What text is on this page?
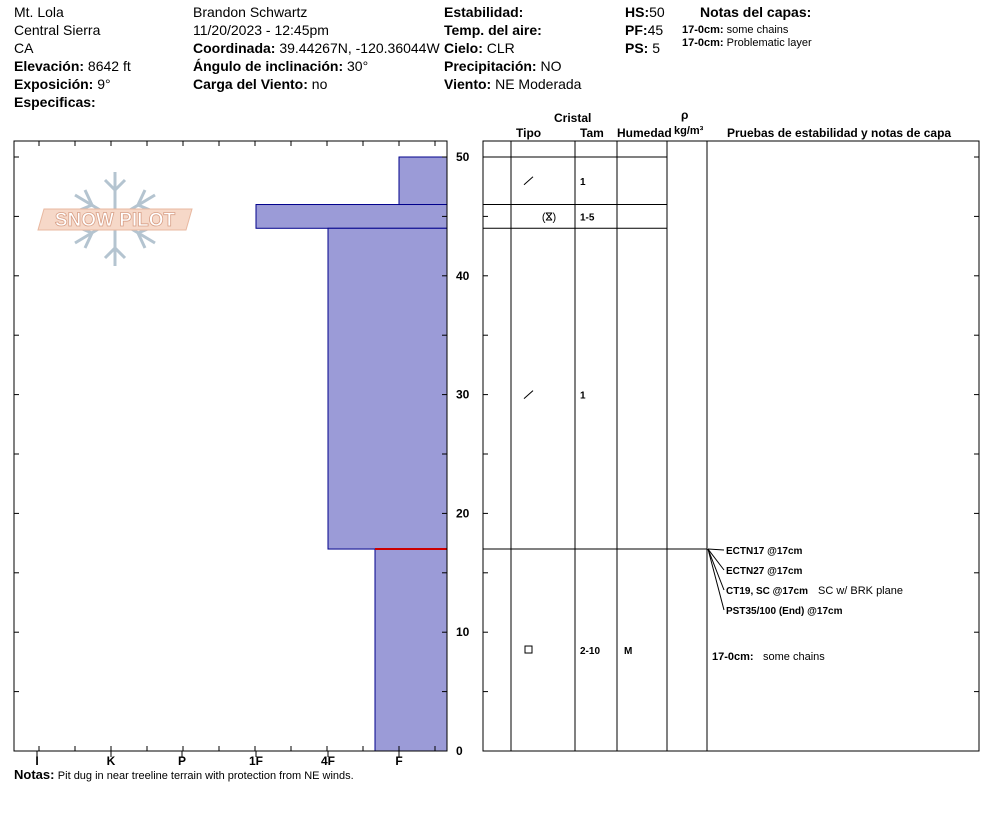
Mt. Lola
Central Sierra
CA
Elevación: 8642 ft
Exposición: 9°
Especificas:
Brandon Schwartz
11/20/2023 - 12:45pm
Coordinada: 39.44267N, -120.36044W
Ángulo de inclinación: 30°
Carga del Viento: no
Estabilidad:
Temp. del aire:
Cielo: CLR
Precipitación: NO
Viento: NE Moderada
HS:50
PF:45
PS: 5
Notas del capas:
17-0cm: some chains
17-0cm: Problematic layer
Cristal
Tipo	Tam Humedad
ρ
kg/m³ Pruebas de estabilidad y notas de capa
SNOW PILOT
0
10
20
30
40
50
I	K	P	1F	4F	F
1
(ⴵ) 1-5
1
2-10 M
ECTN17 @17cm
ECTN27 @17cm
CT19, SC @17cm SC w/ BRK plane
PST35/100 (End) @17cm
17-0cm: some chains
Notas: Pit dug in near treeline terrain with protection from NE winds.
